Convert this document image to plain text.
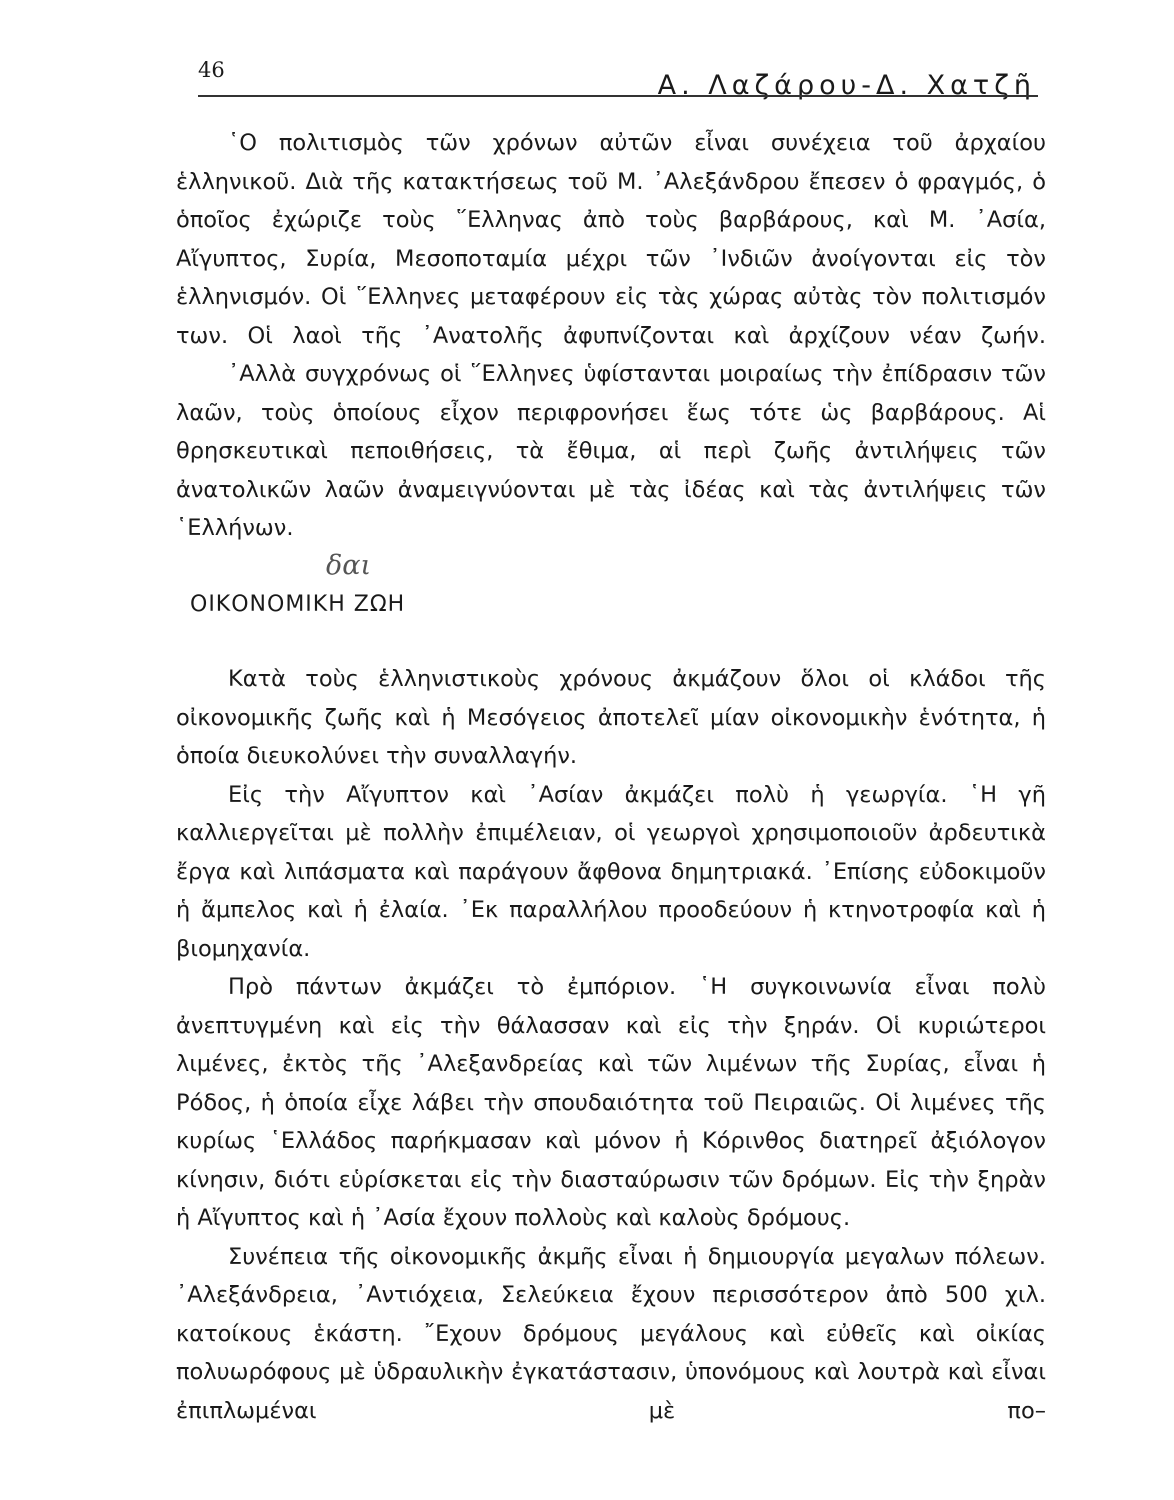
46	Α. Λαζάρου-Δ. Χατζῆ

῾Ο πολιτισμὸς τῶν χρόνων αὐτῶν εἶναι συνέχεια τοῦ ἀρχαίου ἑλληνικοῦ. Διὰ τῆς κατακτήσεως τοῦ Μ. ᾿Αλεξάνδρου ἔπεσεν ὁ φραγμός, ὁ ὁποῖος ἐχώριζε τοὺς ῞Ελληνας ἀπὸ τοὺς βαρβάρους, καὶ Μ. ᾿Ασία, Αἴγυπτος, Συρία, Μεσοποταμία μέχρι τῶν ᾿Ινδιῶν ἀνοίγονται εἰς τὸν ἑλληνισμόν. Οἱ ῞Ελληνες μεταφέρουν εἰς τὰς χώρας αὐτὰς τὸν πολιτισμόν των. Οἱ λαοὶ τῆς ᾿Ανατολῆς ἀφυπνίζονται καὶ ἀρχίζουν νέαν ζωήν.

᾿Αλλὰ συγχρόνως οἱ ῞Ελληνες ὑφίστανται μοιραίως τὴν ἐπίδρασιν τῶν λαῶν, τοὺς ὁποίους εἶχον περιφρονήσει ἕως τότε ὡς βαρβάρους. Αἱ θρησκευτικαὶ πεποιθήσεις, τὰ ἔθιμα, αἱ περὶ ζωῆς ἀντιλήψεις τῶν ἀνατολικῶν λαῶν ἀναμειγνύονται μὲ τὰς ἰδέας καὶ τὰς ἀντιλήψεις τῶν ῾Ελλήνων.

δαι
ΟΙΚΟΝΟΜΙΚΗ ΖΩΗ

Κατὰ τοὺς ἑλληνιστικοὺς χρόνους ἀκμάζουν ὅλοι οἱ κλάδοι τῆς οἰκονομικῆς ζωῆς καὶ ἡ Μεσόγειος ἀποτελεῖ μίαν οἰκονομικὴν ἑνότητα, ἡ ὁποία διευκολύνει τὴν συναλλαγήν.

Εἰς τὴν Αἴγυπτον καὶ ᾿Ασίαν ἀκμάζει πολὺ ἡ γεωργία. ῾Η γῆ καλλιεργεῖται μὲ πολλὴν ἐπιμέλειαν, οἱ γεωργοὶ χρησιμοποιοῦν ἀρδευτικὰ ἔργα καὶ λιπάσματα καὶ παράγουν ἄφθονα δημητριακά. ᾿Επίσης εὐδοκιμοῦν ἡ ἄμπελος καὶ ἡ ἐλαία. ᾿Εκ παραλλήλου προοδεύουν ἡ κτηνοτροφία καὶ ἡ βιομηχανία.

Πρὸ πάντων ἀκμάζει τὸ ἐμπόριον. ῾Η συγκοινωνία εἶναι πολὺ ἀνεπτυγμένη καὶ εἰς τὴν θάλασσαν καὶ εἰς τὴν ξηράν. Οἱ κυριώτεροι λιμένες, ἐκτὸς τῆς ᾿Αλεξανδρείας καὶ τῶν λιμένων τῆς Συρίας, εἶναι ἡ Ρόδος, ἡ ὁποία εἶχε λάβει τὴν σπουδαιότητα τοῦ Πειραιῶς. Οἱ λιμένες τῆς κυρίως ῾Ελλάδος παρήκμασαν καὶ μόνον ἡ Κόρινθος διατηρεῖ ἀξιόλογον κίνησιν, διότι εὑρίσκεται εἰς τὴν διασταύρωσιν τῶν δρόμων. Εἰς τὴν ξηρὰν ἡ Αἴγυπτος καὶ ἡ ᾿Ασία ἔχουν πολλοὺς καὶ καλοὺς δρόμους.

Συνέπεια τῆς οἰκονομικῆς ἀκμῆς εἶναι ἡ δημιουργία μεγαλων πόλεων. ᾿Αλεξάνδρεια, ᾿Αντιόχεια, Σελεύκεια ἔχουν περισσότερον ἀπὸ 500 χιλ. κατοίκους ἑκάστη. ῎Εχουν δρόμους μεγάλους καὶ εὐθεῖς καὶ οἰκίας πολυωρόφους μὲ ὑδραυλικὴν ἐγκατάστασιν, ὑπονόμους καὶ λουτρὰ καὶ εἶναι ἐπιπλωμέναι μὲ πο–
